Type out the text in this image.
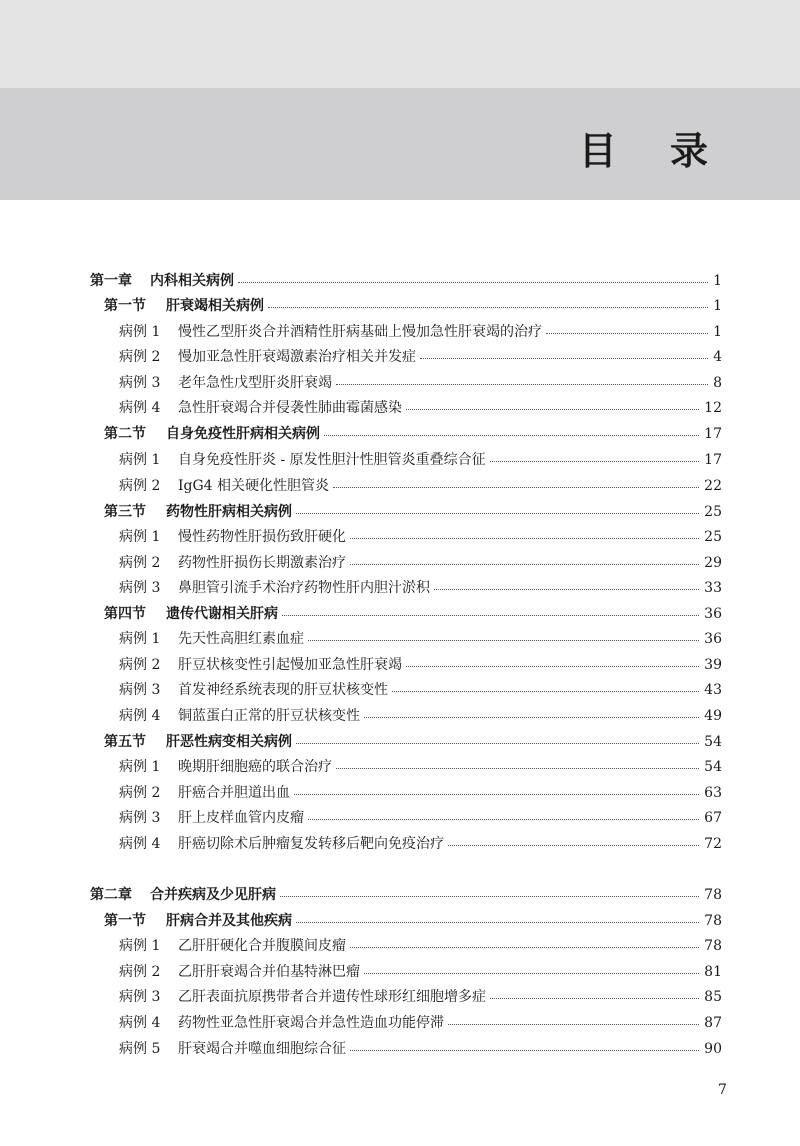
目 录
第一章 内科相关病例	1
第一节 肝衰竭相关病例	1
病例 1 慢性乙型肝炎合并酒精性肝病基础上慢加急性肝衰竭的治疗	1
病例 2 慢加亚急性肝衰竭激素治疗相关并发症	4
病例 3 老年急性戊型肝炎肝衰竭	8
病例 4 急性肝衰竭合并侵袭性肺曲霉菌感染	12
第二节 自身免疫性肝病相关病例	17
病例 1 自身免疫性肝炎 - 原发性胆汁性胆管炎重叠综合征	17
病例 2 IgG4 相关硬化性胆管炎	22
第三节 药物性肝病相关病例	25
病例 1 慢性药物性肝损伤致肝硬化	25
病例 2 药物性肝损伤长期激素治疗	29
病例 3 鼻胆管引流手术治疗药物性肝内胆汁淤积	33
第四节 遗传代谢相关肝病	36
病例 1 先天性高胆红素血症	36
病例 2 肝豆状核变性引起慢加亚急性肝衰竭	39
病例 3 首发神经系统表现的肝豆状核变性	43
病例 4 铜蓝蛋白正常的肝豆状核变性	49
第五节 肝恶性病变相关病例	54
病例 1 晚期肝细胞癌的联合治疗	54
病例 2 肝癌合并胆道出血	63
病例 3 肝上皮样血管内皮瘤	67
病例 4 肝癌切除术后肿瘤复发转移后靶向免疫治疗	72
第二章 合并疾病及少见肝病	78
第一节 肝病合并及其他疾病	78
病例 1 乙肝肝硬化合并腹膜间皮瘤	78
病例 2 乙肝肝衰竭合并伯基特淋巴瘤	81
病例 3 乙肝表面抗原携带者合并遗传性球形红细胞增多症	85
病例 4 药物性亚急性肝衰竭合并急性造血功能停滞	87
病例 5 肝衰竭合并噬血细胞综合征	90
7
